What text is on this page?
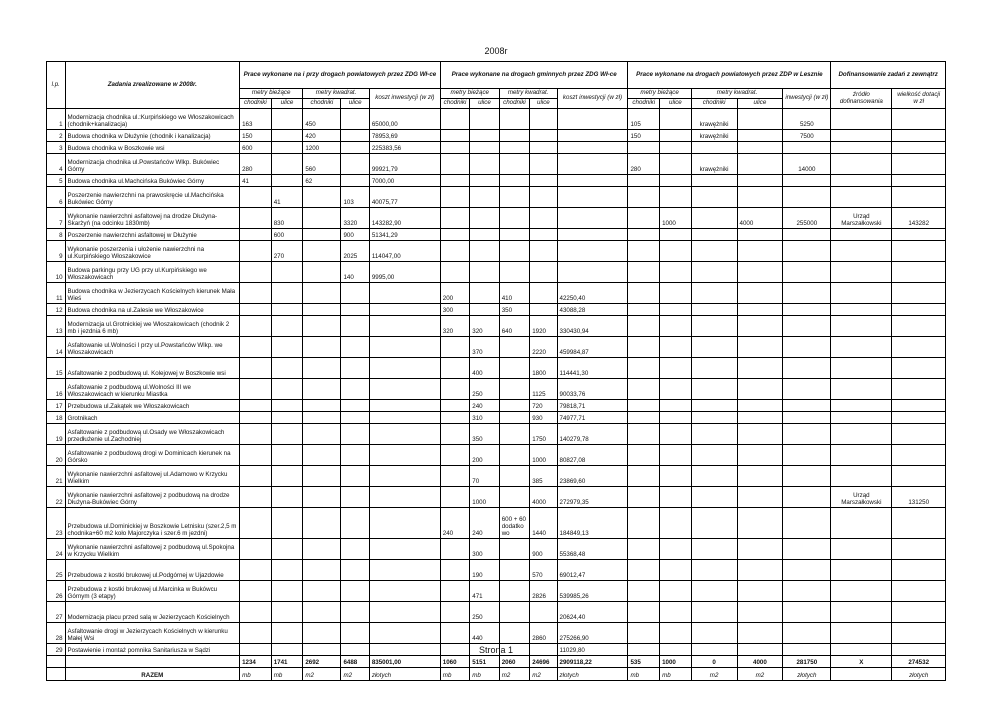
2008r
l.p.	Zadania zrealizowane w 2008r.	Prace wykonane na i przy drogach powiatowych przez ZDG Wł-ce					Prace wykonane na drogach gminnych przez ZDG Wł-ce					Prace wykonane na drogach powiatowych przez ZDP w Lesznie					Dofinansowanie zadań z zewnątrz	
		metry bieżące		metry kwadrat.		koszt inwestycji (w zł)	metry bieżące		metry kwadrat.		koszt inwestycji (w zł)	metry bieżące		metry kwadrat.		inwestycji (w zł)	źródło dofinansowania	wielkość dotacji w zł
		chodniki	ulice	chodniki	ulice		chodniki	ulice	chodniki	ulice		chodniki	ulice	chodniki	ulice			
1	Modernizacja chodnika ul.:Kurpińskiego we Włoszakowicach (chodnik+kanalizacja)	163		450		65000,00						105		krawężniki		5250		
2	Budowa chodnika w Dłużynie (chodnik i kanalizacja)	150		420		78953,69						150		krawężniki		7500		
3	Budowa chodnika w Boszkowie wsi	600		1200		225383,56												
4	Modernizacja chodnika ul.Powstańców Wlkp. Bukówiec Górny	280		560		99921,79						280		krawężniki		14000		
5	Budowa chodnika ul.Machcińska Bukówiec Górny	41		62		7000,00												
6	Poszerzenie nawierzchni na prawoskręcie ul.Machcińska Bukówiec Górny		41		103	40075,77												
7	Wykonanie nawierzchni asfaltowej na drodze Dłużyna-Skarżyń (na odcinku 1830mb)		830		3320	143282,90							1000		4000	255000	Urząd Marszałkowski	143282
8	Poszerzenie nawierzchni asfaltowej w Dłużynie		600		900	51341,29												
9	Wykonanie poszerzenia i ułożenie nawierzchni na ul.Kurpińskiego Włoszakowice		270		2025	114047,00												
10	Budowa parkingu przy UG przy ul.Kurpińskiego we Włoszakowicach				140	9995,00												
11	Budowa chodnika w Jezierzycach Kościelnych kierunek Mała Wieś						200		410		42250,40							
12	Budowa chodnika na ul.Zalesie we Włoszakowice						300		350		43088,28							
13	Modernizacja ul.Grotnickiej we Włoszakowicach (chodnik 2 mb i jezdnia 6 mb)						320	320	640	1920	330430,94							
14	Asfaltowanie ul.Wolności I przy ul.Powstańców Wlkp. we Włoszakowicach							370		2220	459984,87							
15	Asfaltowanie z podbudową ul. Kolejowej w Boszkowie wsi							400		1800	114441,30							
16	Asfaltowanie z podbudową ul.Wolności III we Włoszakowicach w kierunku Miastka							250		1125	90033,76							
17	Przebudowa ul.Zakątek we Włoszakowicach							240		720	79818,71							
18	Grotnikach							310		930	74977,71							
19	Asfaltowanie z podbudową ul.Osady we Włoszakowicach przedłużenie ul.Zachodniej							350		1750	140279,78							
20	Asfaltowanie z podbudową drogi w Dominicach kierunek na Górsko							200		1000	80827,08							
21	Wykonanie nawierzchni asfaltowej ul.Adamowo w Krzycku Wielkim							70		385	23869,60							
22	Wykonanie nawierzchni asfaltowej z podbudową na drodze Dłużyna-Bukówiec Górny							1000		4000	272979,35						Urząd Marszałkowski	131250
23	Przebudowa ul.Dominickiej w Boszkowie Letnisku (szer.2,5 m chodnika+60 m2 koło Majorczyka i szer.6 m jezdni)						240	240	600 + 60 dodatko wo	1440	184849,13							
24	Wykonanie nawierzchni asfaltowej z podbudową ul.Spokojna w Krzycku Wielkim							300		900	55368,48							
25	Przebudowa z kostki brukowej ul.Podgórnej w Ujazdowie							190		570	69012,47							
26	Przebudowa z kostki brukowej ul.Marcinka w Bukówcu Górnym (3 etapy)							471		2826	539985,26							
27	Modernizacja placu przed salą w Jezierzycach Kościelnych							250			20624,40							
28	Asfaltowanie drogi w Jezierzycach Kościelnych w kierunku Małej Wsi							440		2860	275266,90							
29	Postawienie i montaż pomnika Sanitariusza w Sądzi										11029,80							
		1234	1741	2692	6488	835001,00	1060	5151	2060	24696	2909118,22	535	1000	0	4000	281750	X	274532
	RAZEM	mb	mb	m2	m2	złotych	mb	mb	m2	m2	złotych	mb	mb	m2	m2	złotych		złotych
Strona 1
